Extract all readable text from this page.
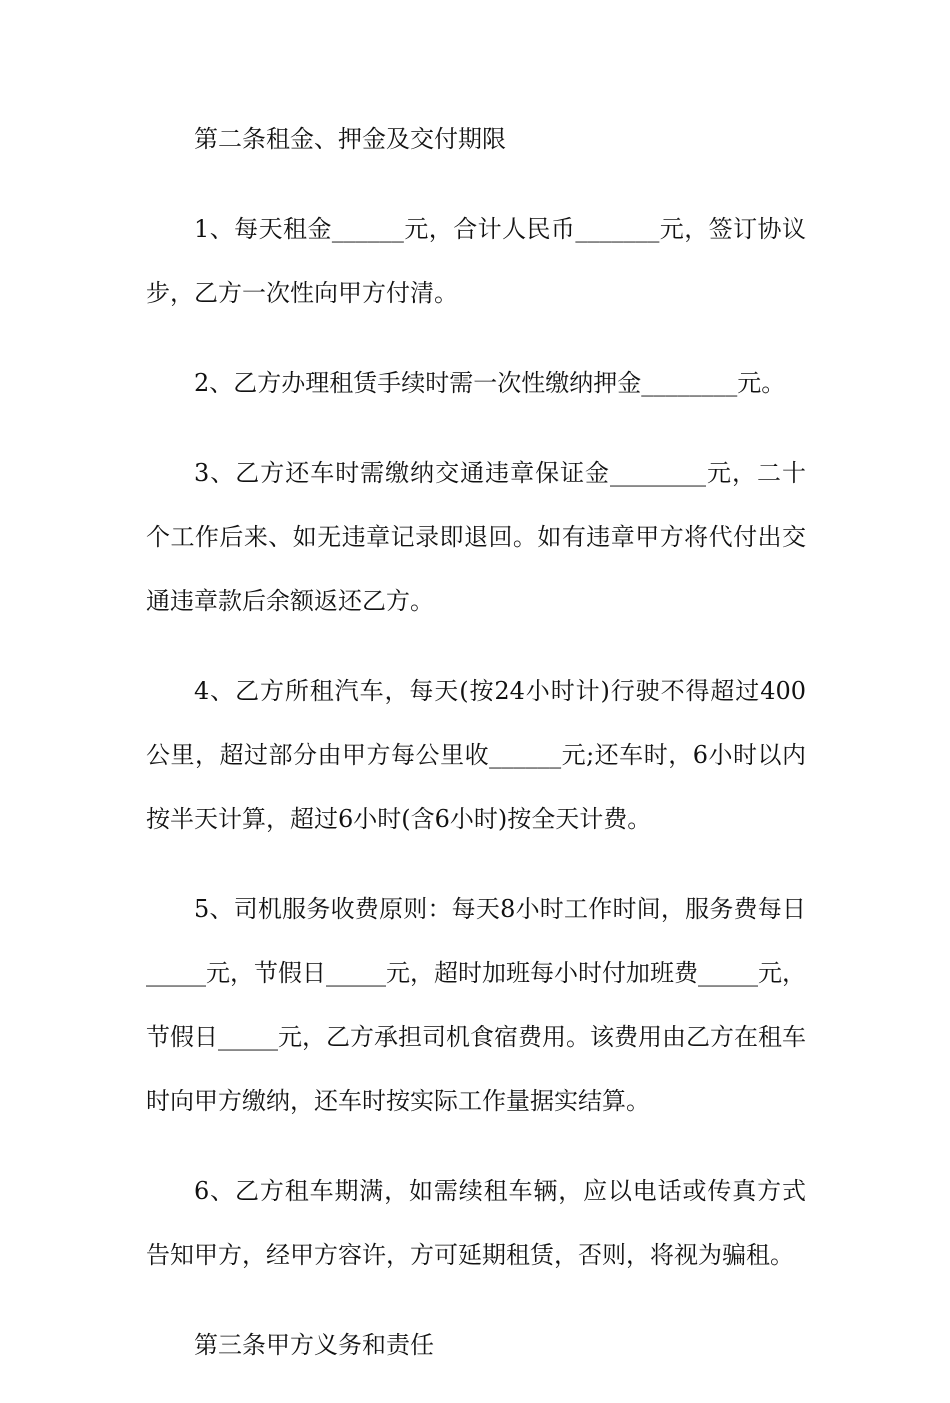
第二条租金、押金及交付期限

1、每天租金______元，合计人民币_______元，签订协议步，乙方一次性向甲方付清。

2、乙方办理租赁手续时需一次性缴纳押金________元。

3、乙方还车时需缴纳交通违章保证金________元，二十个工作后来、如无违章记录即退回。如有违章甲方将代付出交通违章款后余额返还乙方。

4、乙方所租汽车，每天(按24小时计)行驶不得超过400公里，超过部分由甲方每公里收______元;还车时，6小时以内按半天计算，超过6小时(含6小时)按全天计费。

5、司机服务收费原则：每天8小时工作时间，服务费每日_____元，节假日_____元，超时加班每小时付加班费_____元，节假日_____元，乙方承担司机食宿费用。该费用由乙方在租车时向甲方缴纳，还车时按实际工作量据实结算。

6、乙方租车期满，如需续租车辆，应以电话或传真方式告知甲方，经甲方容许，方可延期租赁，否则，将视为骗租。

第三条甲方义务和责任
